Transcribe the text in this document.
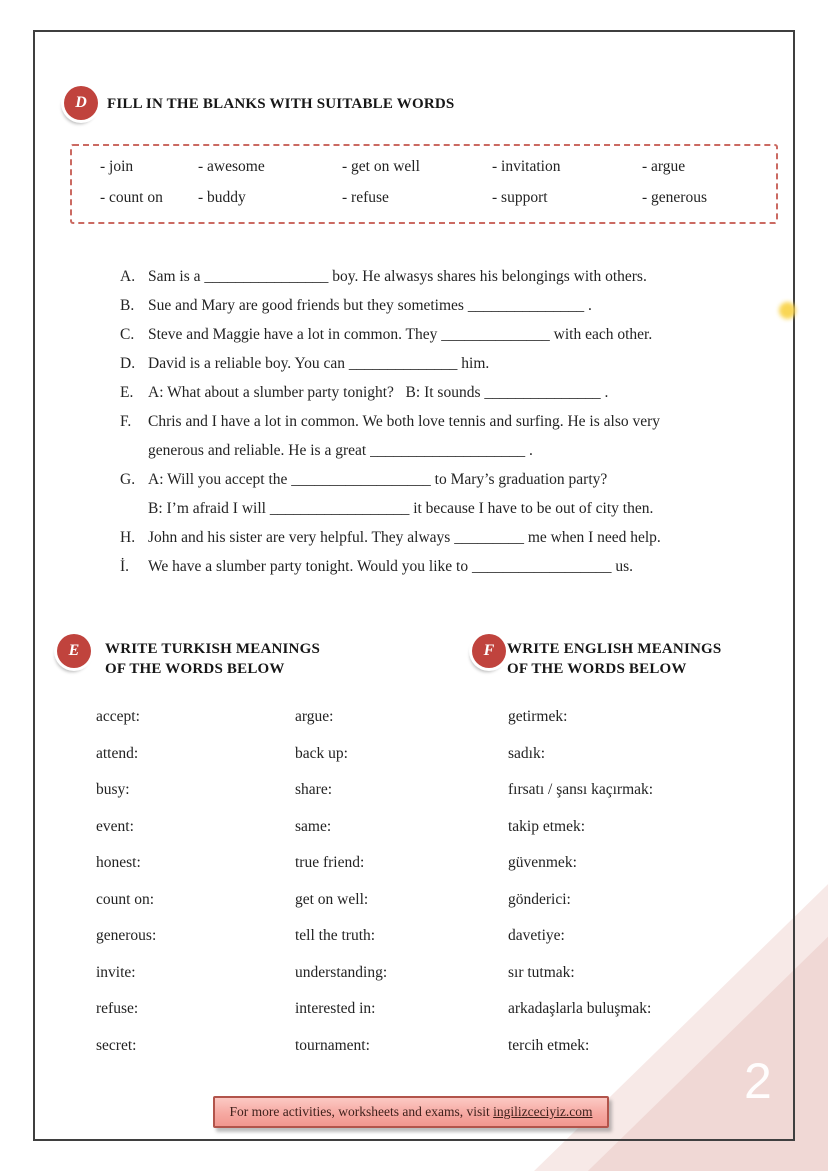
2
D FILL IN THE BLANKS WITH SUITABLE WORDS
- join	- awesome	- get on well	- invitation	- argue
- count on	- buddy	- refuse	- support	- generous
A. Sam is a ________________ boy. He alwasys shares his belongings with others.
B. Sue and Mary are good friends but they sometimes _______________ .
C. Steve and Maggie have a lot in common. They ______________ with each other.
D. David is a reliable boy. You can ______________ him.
E. A: What about a slumber party tonight?   B: It sounds _______________ .
F.	Chris and I have a lot in common. We both love tennis and surfing. He is also very
generous and reliable. He is a great ____________________ .
G. A: Will you accept the __________________ to Mary’s graduation party?
B: I’m afraid I will __________________ it because I have to be out of city then.
H. John and his sister are very helpful. They always _________ me when I need help.
İ.	We have a slumber party tonight. Would you like to __________________ us.
E WRITE TURKISH MEANINGS
OF THE WORDS BELOW
accept:
attend:
busy:
event:
honest:
count on:
generous:
invite:
refuse:
secret:
argue:
back up:
share:
same:
true friend:
get on well:
tell the truth:
understanding:
interested in:
tournament:
F WRITE ENGLISH MEANINGS
OF THE WORDS BELOW
getirmek:
sadık:
fırsatı / şansı kaçırmak:
takip etmek:
güvenmek:
gönderici:
davetiye:
sır tutmak:
arkadaşlarla buluşmak:
tercih etmek:
For more activities, worksheets and exams, visit ingilizceciyiz.com
